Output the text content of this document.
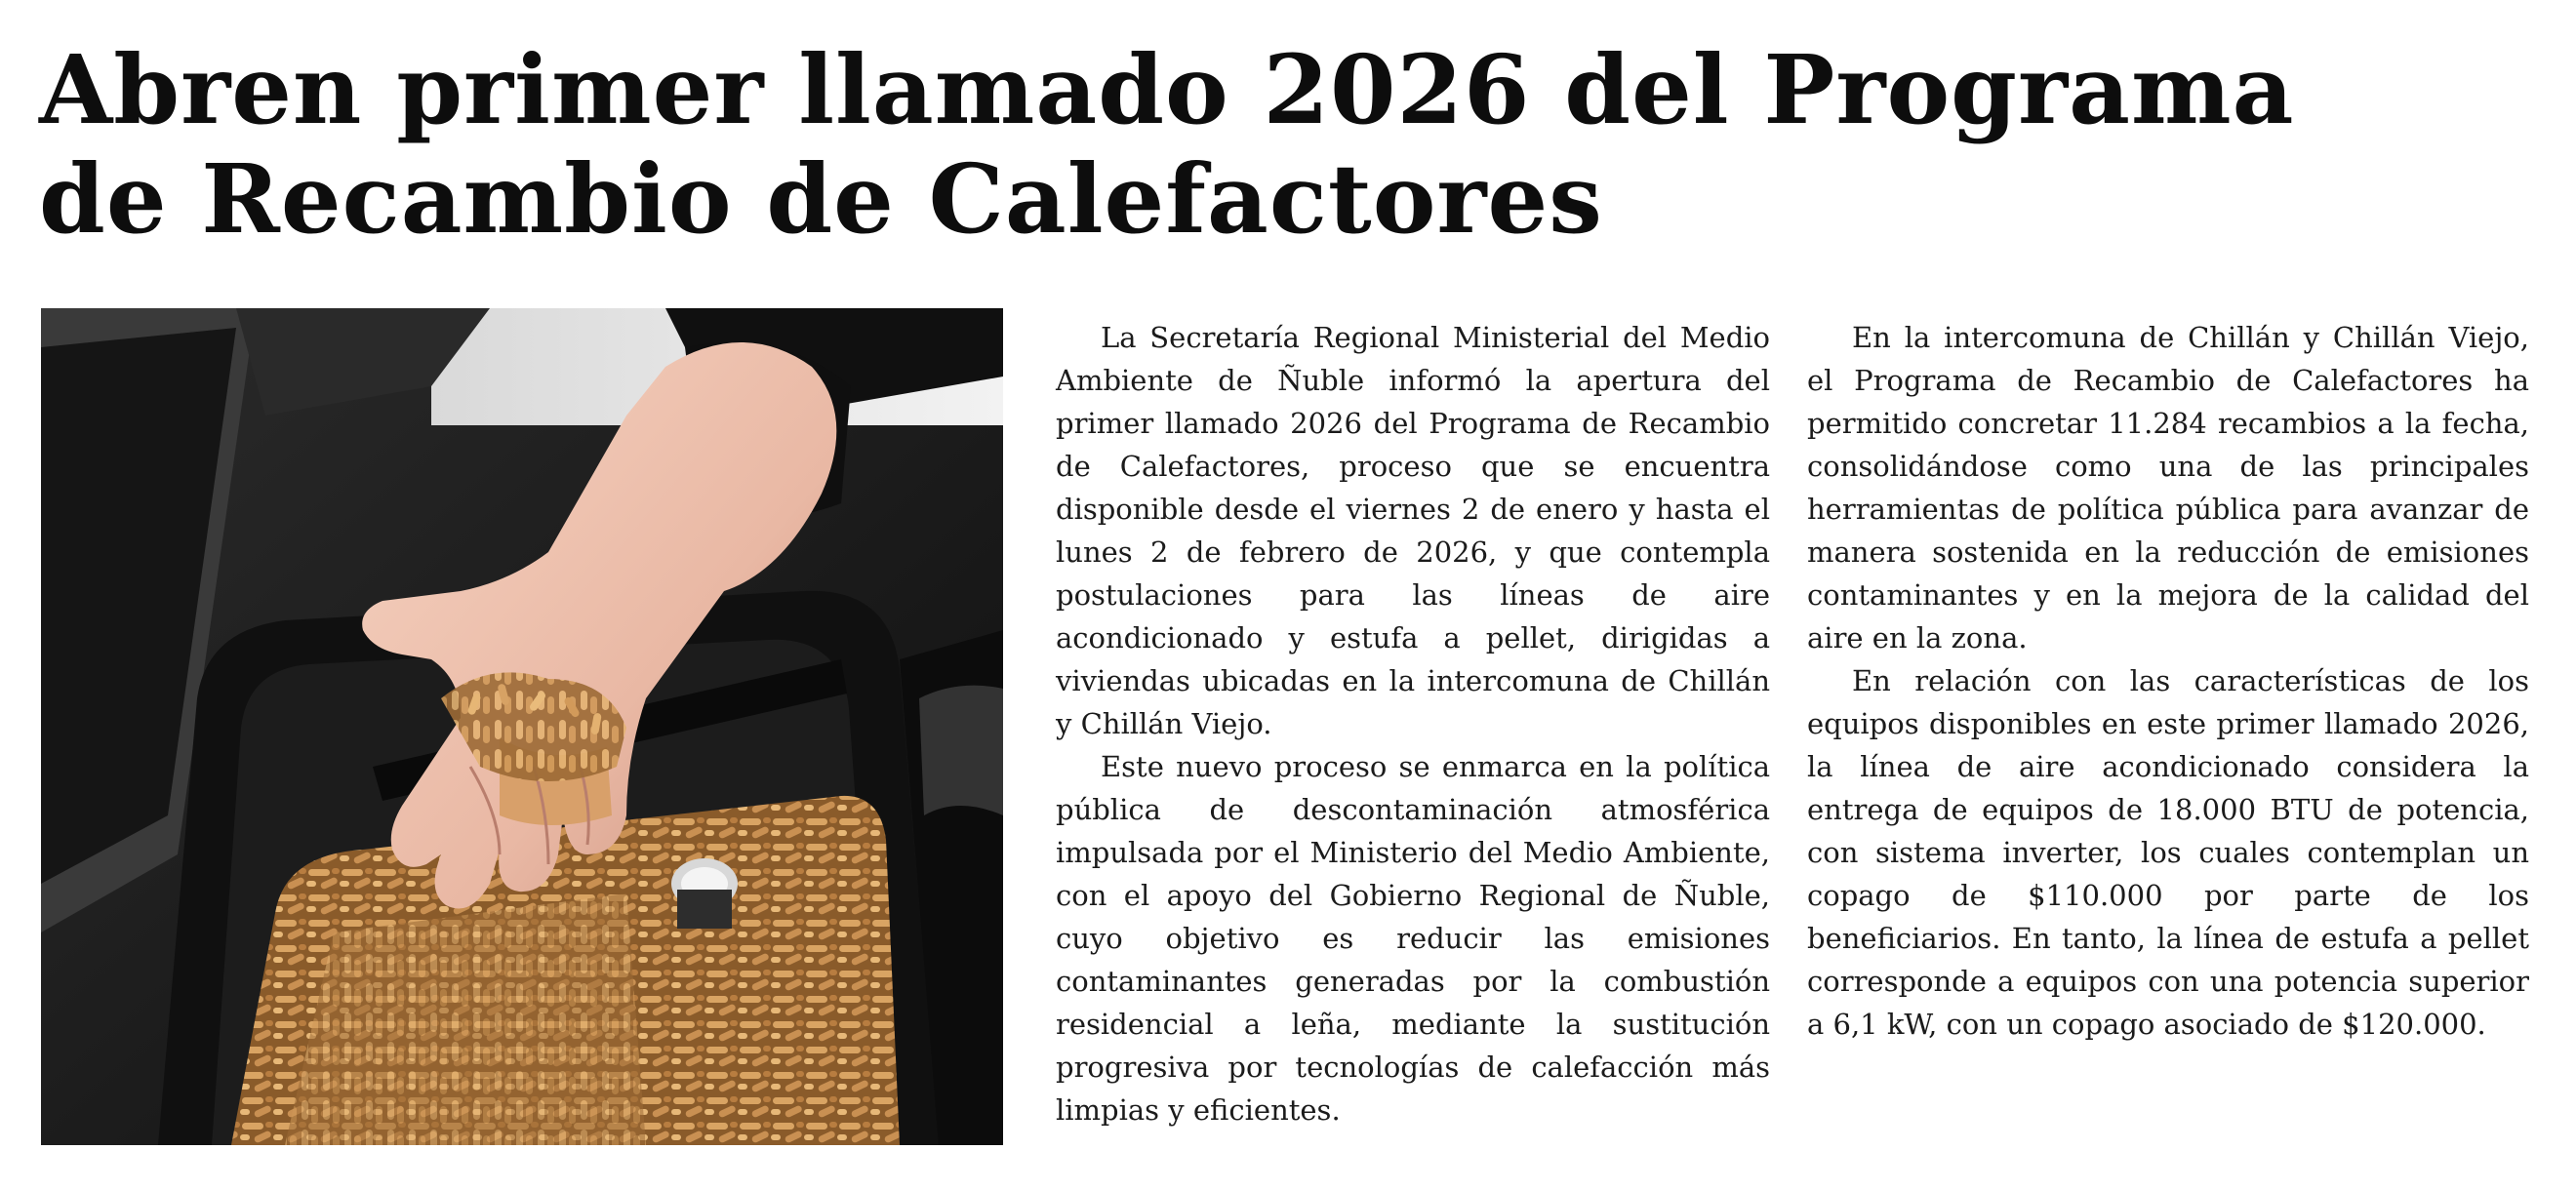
Abren primer llamado 2026 del Programa
de Recambio de Calefactores

La Secretaría Regional Ministerial del Medio Ambiente de Ñuble informó la apertura del primer llamado 2026 del Programa de Recambio de Calefactores, proceso que se encuentra disponible desde el viernes 2 de enero y hasta el lunes 2 de febrero de 2026, y que contempla postulaciones para las líneas de aire acondicionado y estufa a pellet, dirigidas a viviendas ubicadas en la intercomuna de Chillán y Chillán Viejo.

Este nuevo proceso se enmarca en la política pública de descontaminación atmosférica impulsada por el Ministerio del Medio Ambiente, con el apoyo del Gobierno Regional de Ñuble, cuyo objetivo es reducir las emisiones contaminantes generadas por la combustión residencial a leña, mediante la sustitución progresiva por tecnologías de calefacción más limpias y eficientes.

En la intercomuna de Chillán y Chillán Viejo, el Programa de Recambio de Calefactores ha permitido concretar 11.284 recambios a la fecha, consolidándose como una de las principales herramientas de política pública para avanzar de manera sostenida en la reducción de emisiones contaminantes y en la mejora de la calidad del aire en la zona.

En relación con las características de los equipos disponibles en este primer llamado 2026, la línea de aire acondicionado considera la entrega de equipos de 18.000 BTU de potencia, con sistema inverter, los cuales contemplan un copago de $110.000 por parte de los beneficiarios. En tanto, la línea de estufa a pellet corresponde a equipos con una potencia superior a 6,1 kW, con un copago asociado de $120.000.
